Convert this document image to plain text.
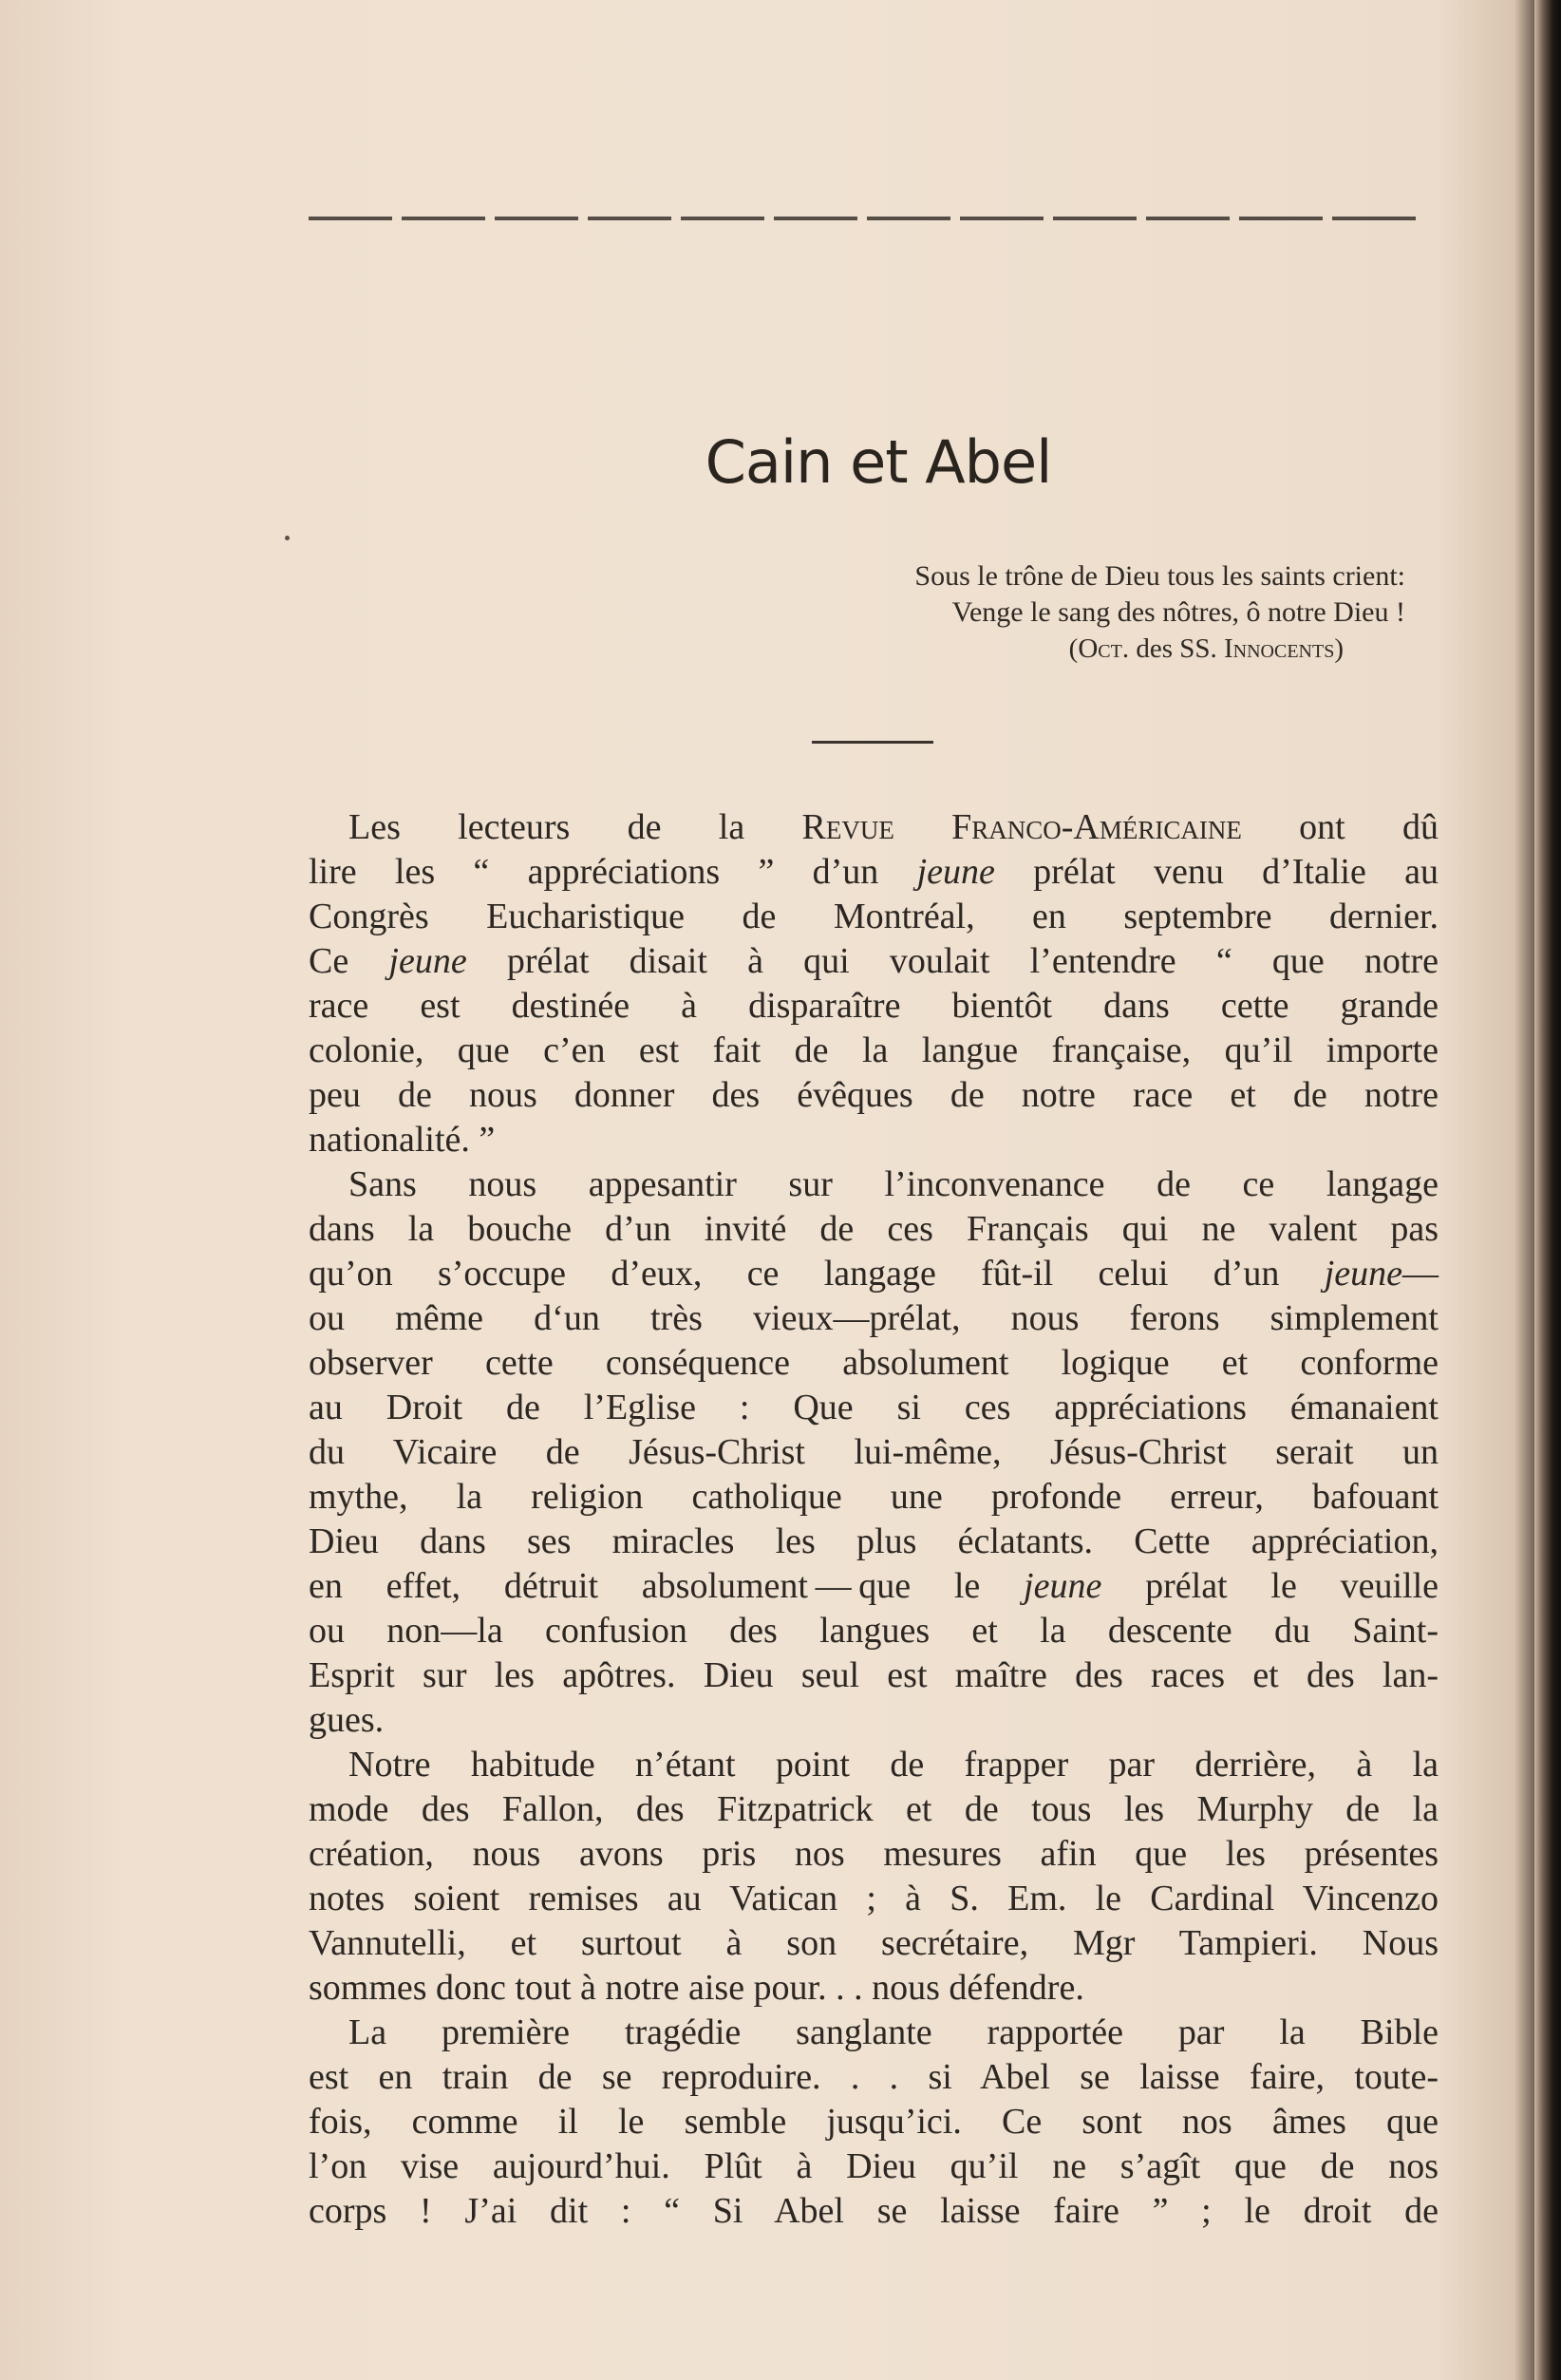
Cain et Abel
Sous le trône de Dieu tous les saints crient:
Venge le sang des nôtres, ô notre Dieu !
(Oct. des SS. Innocents)
Les lecteurs de la Revue Franco-Américaine ont dû
lire les “ appréciations ” d’un jeune prélat venu d’Italie au
Congrès Eucharistique de Montréal, en septembre dernier.
Ce jeune prélat disait à qui voulait l’entendre “ que notre
race est destinée à disparaître bientôt dans cette grande
colonie, que c’en est fait de la langue française, qu’il importe
peu de nous donner des évêques de notre race et de notre
nationalité. ”
Sans nous appesantir sur l’inconvenance de ce langage
dans la bouche d’un invité de ces Français qui ne valent pas
qu’on s’occupe d’eux, ce langage fût-il celui d’un jeune—
ou même d‘un très vieux—prélat, nous ferons simplement
observer cette conséquence absolument logique et conforme
au Droit de l’Eglise : Que si ces appréciations émanaient
du Vicaire de Jésus-Christ lui-même, Jésus-Christ serait un
mythe, la religion catholique une profonde erreur, bafouant
Dieu dans ses miracles les plus éclatants. Cette appréciation,
en effet, détruit absolument — que le jeune prélat le veuille
ou non—la confusion des langues et la descente du Saint-
Esprit sur les apôtres. Dieu seul est maître des races et des lan-
gues.
Notre habitude n’étant point de frapper par derrière, à la
mode des Fallon, des Fitzpatrick et de tous les Murphy de la
création, nous avons pris nos mesures afin que les présentes
notes soient remises au Vatican ; à S. Em. le Cardinal Vincenzo
Vannutelli, et surtout à son secrétaire, Mgr Tampieri. Nous
sommes donc tout à notre aise pour. . . nous défendre.
La première tragédie sanglante rapportée par la Bible
est en train de se reproduire. . . si Abel se laisse faire, toute-
fois, comme il le semble jusqu’ici. Ce sont nos âmes que
l’on vise aujourd’hui. Plût à Dieu qu’il ne s’agît que de nos
corps ! J’ai dit : “ Si Abel se laisse faire ” ; le droit de
